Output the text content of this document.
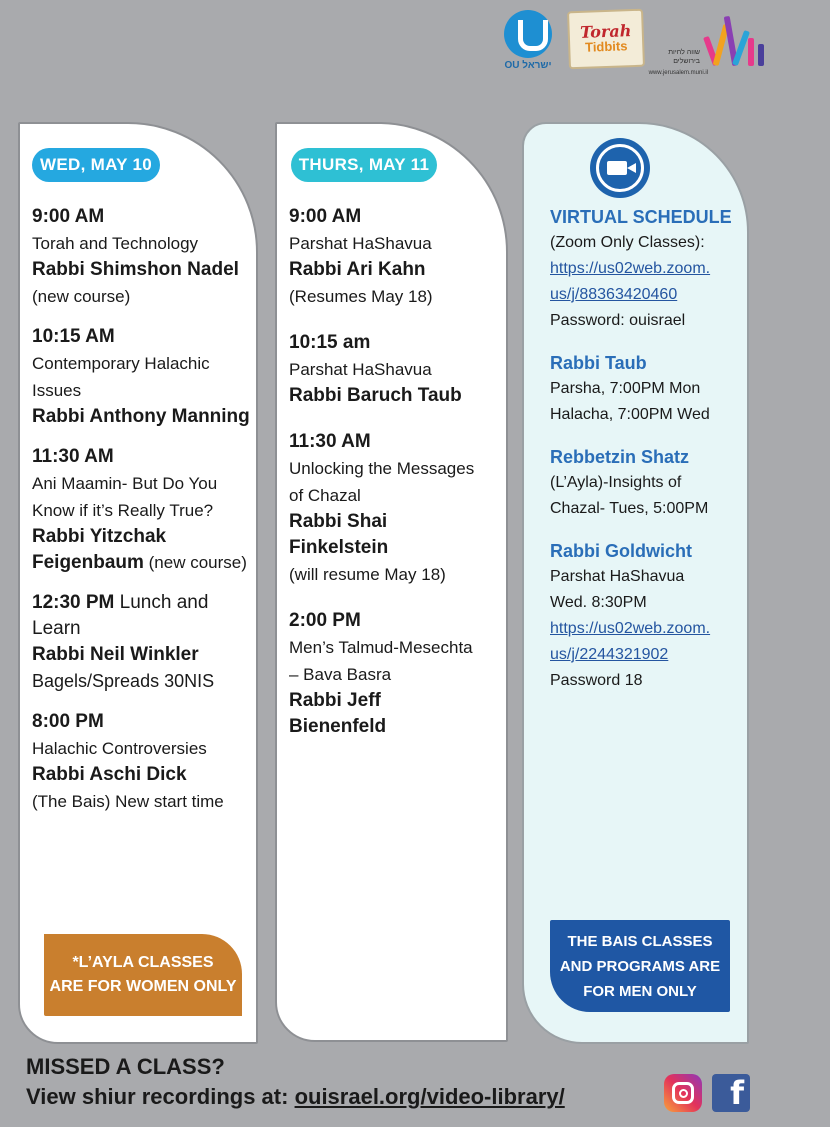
OU ישראל
Torah
Tidbits	שווה לחיות
בירושלים
www.jerusalem.muni.il
WED, MAY 10
9:00 AM
Torah and Technology
Rabbi Shimshon Nadel
(new course)
10:15 AM
Contemporary Halachic
Issues
Rabbi Anthony Manning
11:30 AM
Ani Maamin- But Do You
Know if it’s Really True?
Rabbi Yitzchak
Feigenbaum (new course)
12:30 PM Lunch and Learn
Rabbi Neil Winkler
Bagels/Spreads 30NIS
8:00 PM
Halachic Controversies
Rabbi Aschi Dick
(The Bais) New start time
*L’AYLA CLASSES
ARE FOR WOMEN ONLY
THURS, MAY 11
9:00 AM
Parshat HaShavua
Rabbi Ari Kahn
(Resumes May 18)
10:15 am
Parshat HaShavua
Rabbi Baruch Taub
11:30 AM
Unlocking the Messages
of Chazal
Rabbi Shai
Finkelstein
(will resume May 18)
2:00 PM
Men’s Talmud-Mesechta
– Bava Basra
Rabbi Jeff
Bienenfeld
VIRTUAL SCHEDULE
(Zoom Only Classes):
https://us02web.zoom.
us/j/88363420460
Password: ouisrael
Rabbi Taub
Parsha, 7:00PM Mon
Halacha, 7:00PM Wed
Rebbetzin Shatz
(L’Ayla)-Insights of
Chazal- Tues, 5:00PM
Rabbi Goldwicht
Parshat HaShavua
Wed. 8:30PM
https://us02web.zoom.
us/j/2244321902
Password 18
THE BAIS CLASSES
AND PROGRAMS ARE
FOR MEN ONLY
MISSED A CLASS?
View shiur recordings at: ouisrael.org/video-library/	f
